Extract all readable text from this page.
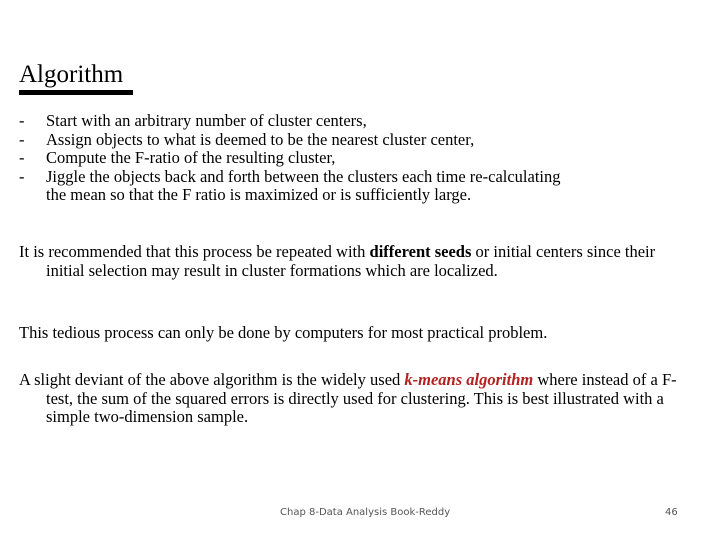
Algorithm
- Start with an arbitrary number of cluster centers,
- Assign objects to what is deemed to be the nearest cluster center,
- Compute the F-ratio of the resulting cluster,
- Jiggle the objects back and forth between the clusters each time re-calculating
the mean so that the F ratio is maximized or is sufficiently large.

It is recommended that this process be repeated with different seeds or initial centers since their initial selection may result in cluster formations which are localized.

This tedious process can only be done by computers for most practical problem.

A slight deviant of the above algorithm is the widely used k-means algorithm where instead of a F-test, the sum of the squared errors is directly used for clustering. This is best illustrated with a simple two-dimension sample.

Chap 8-Data Analysis Book-Reddy	46
